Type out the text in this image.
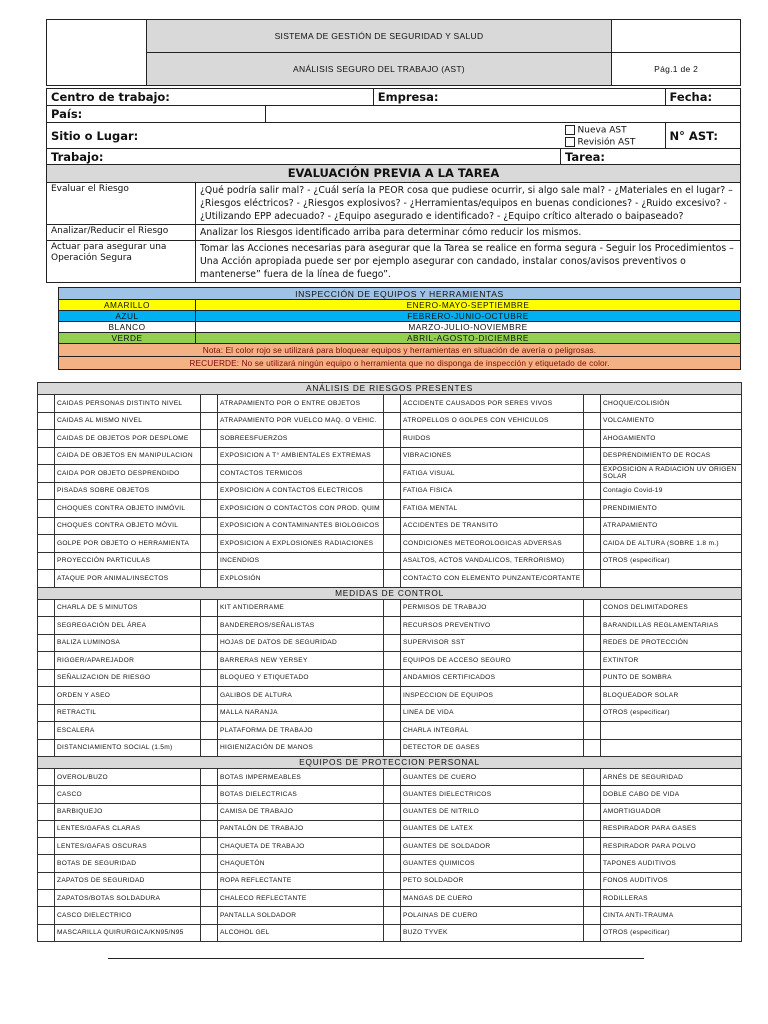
	SISTEMA DE GESTIÓN DE SEGURIDAD Y SALUD	
	ANÁLISIS SEGURO DEL TRABAJO (AST)	Pág.1 de 2
Centro de trabajo:		Empresa:		Fecha:
País:				
Sitio o Lugar:			Nueva AST
Revisión AST	N° AST:
Trabajo:			Tarea:	
EVALUACIÓN PREVIA A LA TAREA	
Evaluar el Riesgo	¿Qué podría salir mal? - ¿Cuál sería la PEOR cosa que pudiese ocurrir, si algo sale mal? - ¿Materiales en el lugar? – ¿Riesgos eléctricos? - ¿Riesgos explosivos? - ¿Herramientas/equipos en buenas condiciones? - ¿Ruido excesivo? - ¿Utilizando EPP adecuado? - ¿Equipo asegurado e identificado? - ¿Equipo crítico alterado o baipaseado?
Analizar/Reducir el Riesgo	Analizar los Riesgos identificado arriba para determinar cómo reducir los mismos.
Actuar para asegurar una Operación Segura	Tomar las Acciones necesarias para asegurar que la Tarea se realice en forma segura - Seguir los Procedimientos – Una Acción apropiada puede ser por ejemplo asegurar con candado, instalar conos/avisos preventivos o mantenerse” fuera de la línea de fuego”.
INSPECCIÓN DE EQUIPOS Y HERRAMIENTAS	
AMARILLO	ENERO-MAYO-SEPTIEMBRE
AZUL	FEBRERO-JUNIO-OCTUBRE
BLANCO	MARZO-JULIO-NOVIEMBRE
VERDE	ABRIL-AGOSTO-DICIEMBRE
Nota: El color rojo se utilizará para bloquear equipos y herramientas en situación de avería o peligrosas.	
RECUERDE: No se utilizará ningún equipo o herramienta que no disponga de inspección y etiquetado de color.	
ANÁLISIS DE RIESGOS PRESENTES							
	CAIDAS PERSONAS DISTINTO NIVEL		ATRAPAMIENTO POR O ENTRE OBJETOS		ACCIDENTE CAUSADOS POR SERES VIVOS		CHOQUE/COLISIÓN
	CAIDAS AL MISMO NIVEL		ATRAPAMIENTO POR VUELCO MAQ. O VEHIC.		ATROPELLOS O GOLPES CON VEHICULOS		VOLCAMIENTO
	CAIDAS DE OBJETOS POR DESPLOME		SOBREESFUERZOS		RUIDOS		AHOGAMIENTO
	CAIDA DE OBJETOS EN MANIPULACION		EXPOSICION A T° AMBIENTALES EXTREMAS		VIBRACIONES		DESPRENDIMIENTO DE ROCAS
	CAIDA POR OBJETO DESPRENDIDO		CONTACTOS TERMICOS		FATIGA VISUAL		EXPOSICION A RADIACION UV ORIGEN SOLAR
	PISADAS SOBRE OBJETOS		EXPOSICION A CONTACTOS ELECTRICOS		FATIGA FISICA		Contagio Covid-19
	CHOQUES CONTRA OBJETO INMÓVIL		EXPOSICION O CONTACTOS CON PROD. QUIM		FATIGA MENTAL		PRENDIMIENTO
	CHOQUES CONTRA OBJETO MÓVIL		EXPOSICION A CONTAMINANTES BIOLOGICOS		ACCIDENTES DE TRANSITO		ATRAPAMIENTO
	GOLPE POR OBJETO O HERRAMIENTA		EXPOSICION A EXPLOSIONES RADIACIONES		CONDICIONES METEOROLOGICAS ADVERSAS		CAIDA DE ALTURA (SOBRE 1.8 m.)
	PROYECCIÓN PARTICULAS		INCENDIOS		ASALTOS, ACTOS VANDALICOS, TERRORISMO)		OTROS (especificar)
	ATAQUE POR ANIMAL/INSECTOS		EXPLOSIÓN		CONTACTO CON ELEMENTO PUNZANTE/CORTANTE		
MEDIDAS DE CONTROL							
	CHARLA DE 5 MINUTOS		KIT ANTIDERRAME		PERMISOS DE TRABAJO		CONOS DELIMITADORES
	SEGREGACIÓN DEL ÁREA		BANDEREROS/SEÑALISTAS		RECURSOS PREVENTIVO		BARANDILLAS REGLAMENTARIAS
	BALIZA LUMINOSA		HOJAS DE DATOS DE SEGURIDAD		SUPERVISOR SST		REDES DE PROTECCIÓN
	RIGGER/APAREJADOR		BARRERAS NEW YERSEY		EQUIPOS DE ACCESO SEGURO		EXTINTOR
	SEÑALIZACION DE RIESGO		BLOQUEO Y ETIQUETADO		ANDAMIOS CERTIFICADOS		PUNTO DE SOMBRA
	ORDEN Y ASEO		GALIBOS DE ALTURA		INSPECCION DE EQUIPOS		BLOQUEADOR SOLAR
	RETRACTIL		MALLA NARANJA		LINEA DE VIDA		OTROS (especificar)
	ESCALERA		PLATAFORMA DE TRABAJO		CHARLA INTEGRAL		
	DISTANCIAMIENTO SOCIAL (1.5m)		HIGIENIZACIÓN DE MANOS		DETECTOR DE GASES		
EQUIPOS DE PROTECCION PERSONAL							
	OVEROL/BUZO		BOTAS IMPERMEABLES		GUANTES DE CUERO		ARNÉS DE SEGURIDAD
	CASCO		BOTAS DIELECTRICAS		GUANTES DIELECTRICOS		DOBLE CABO DE VIDA
	BARBIQUEJO		CAMISA DE TRABAJO		GUANTES DE NITRILO		AMORTIGUADOR
	LENTES/GAFAS CLARAS		PANTALÓN DE TRABAJO		GUANTES DE LATEX		RESPIRADOR PARA GASES
	LENTES/GAFAS OSCURAS		CHAQUETA DE TRABAJO		GUANTES DE SOLDADOR		RESPIRADOR PARA POLVO
	BOTAS DE SEGURIDAD		CHAQUETÓN		GUANTES QUIMICOS		TAPONES AUDITIVOS
	ZAPATOS DE SEGURIDAD		ROPA REFLECTANTE		PETO SOLDADOR		FONOS AUDITIVOS
	ZAPATOS/BOTAS SOLDADURA		CHALECO REFLECTANTE		MANGAS DE CUERO		RODILLERAS
	CASCO DIELECTRICO		PANTALLA SOLDADOR		POLAINAS DE CUERO		CINTA ANTI-TRAUMA
	MASCARILLA QUIRURGICA/KN95/N95		ALCOHOL GEL		BUZO TYVEK		OTROS (especificar)
